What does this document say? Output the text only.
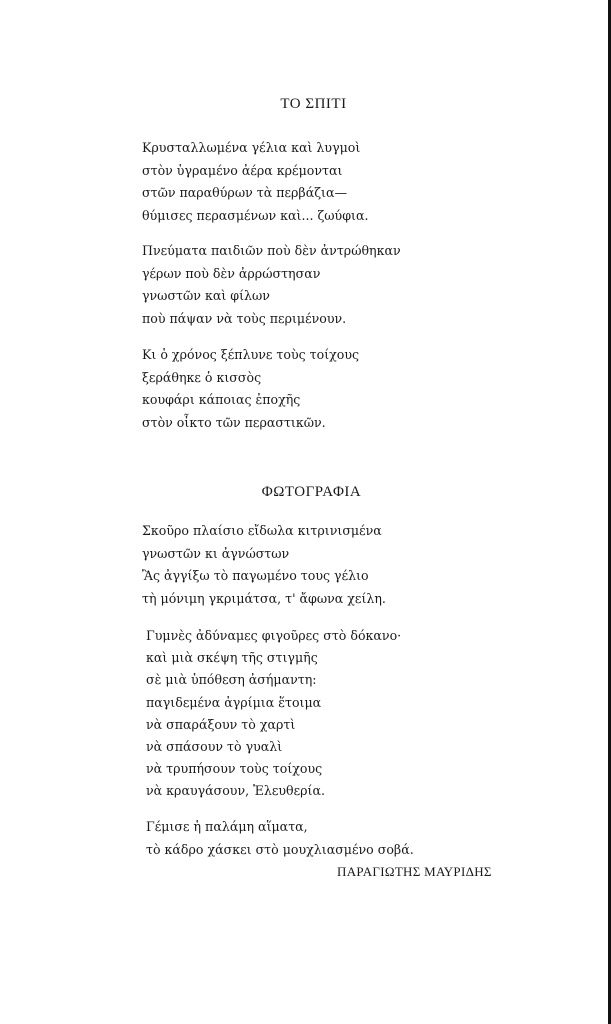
ΤΟ ΣΠΙΤΙ
Κρυσταλλωμένα γέλια καὶ λυγμοὶ
στὸν ὑγραμένο ἀέρα κρέμονται
στῶν παραθύρων τὰ περβάζια—
θύμισες περασμένων καὶ... ζωύφια.
Πνεύματα παιδιῶν ποὺ δὲν ἀντρώθηκαν
γέρων ποὺ δὲν ἀρρώστησαν
γνωστῶν καὶ φίλων
ποὺ πάψαν νὰ τοὺς περιμένουν.
Κι ὁ χρόνος ξέπλυνε τοὺς τοίχους
ξεράθηκε ὁ κισσὸς
κουφάρι κάποιας ἐποχῆς
στὸν οἶκτο τῶν περαστικῶν.
ΦΩΤΟΓΡΑΦΙΑ
Σκοῦρο πλαίσιο εἴδωλα κιτρινισμένα
γνωστῶν κι ἀγνώστων
Ἂς ἀγγίξω τὸ παγωμένο τους γέλιο
τὴ μόνιμη γκριμάτσα, τ' ἄφωνα χείλη.
Γυμνὲς ἀδύναμες φιγοῦρες στὸ δόκανο·
καὶ μιὰ σκέψη τῆς στιγμῆς
σὲ μιὰ ὑπόθεση ἀσήμαντη:
παγιδεμένα ἀγρίμια ἕτοιμα
νὰ σπαράξουν τὸ χαρτὶ
νὰ σπάσουν τὸ γυαλὶ
νὰ τρυπήσουν τοὺς τοίχους
νὰ κραυγάσουν, Ἐλευθερία.
Γέμισε ἡ παλάμη αἵματα,
τὸ κάδρο χάσκει στὸ μουχλιασμένο σοβά.
ΠΑΡΑΓΙΩΤΗΣ ΜΑΥΡΙΔΗΣ
